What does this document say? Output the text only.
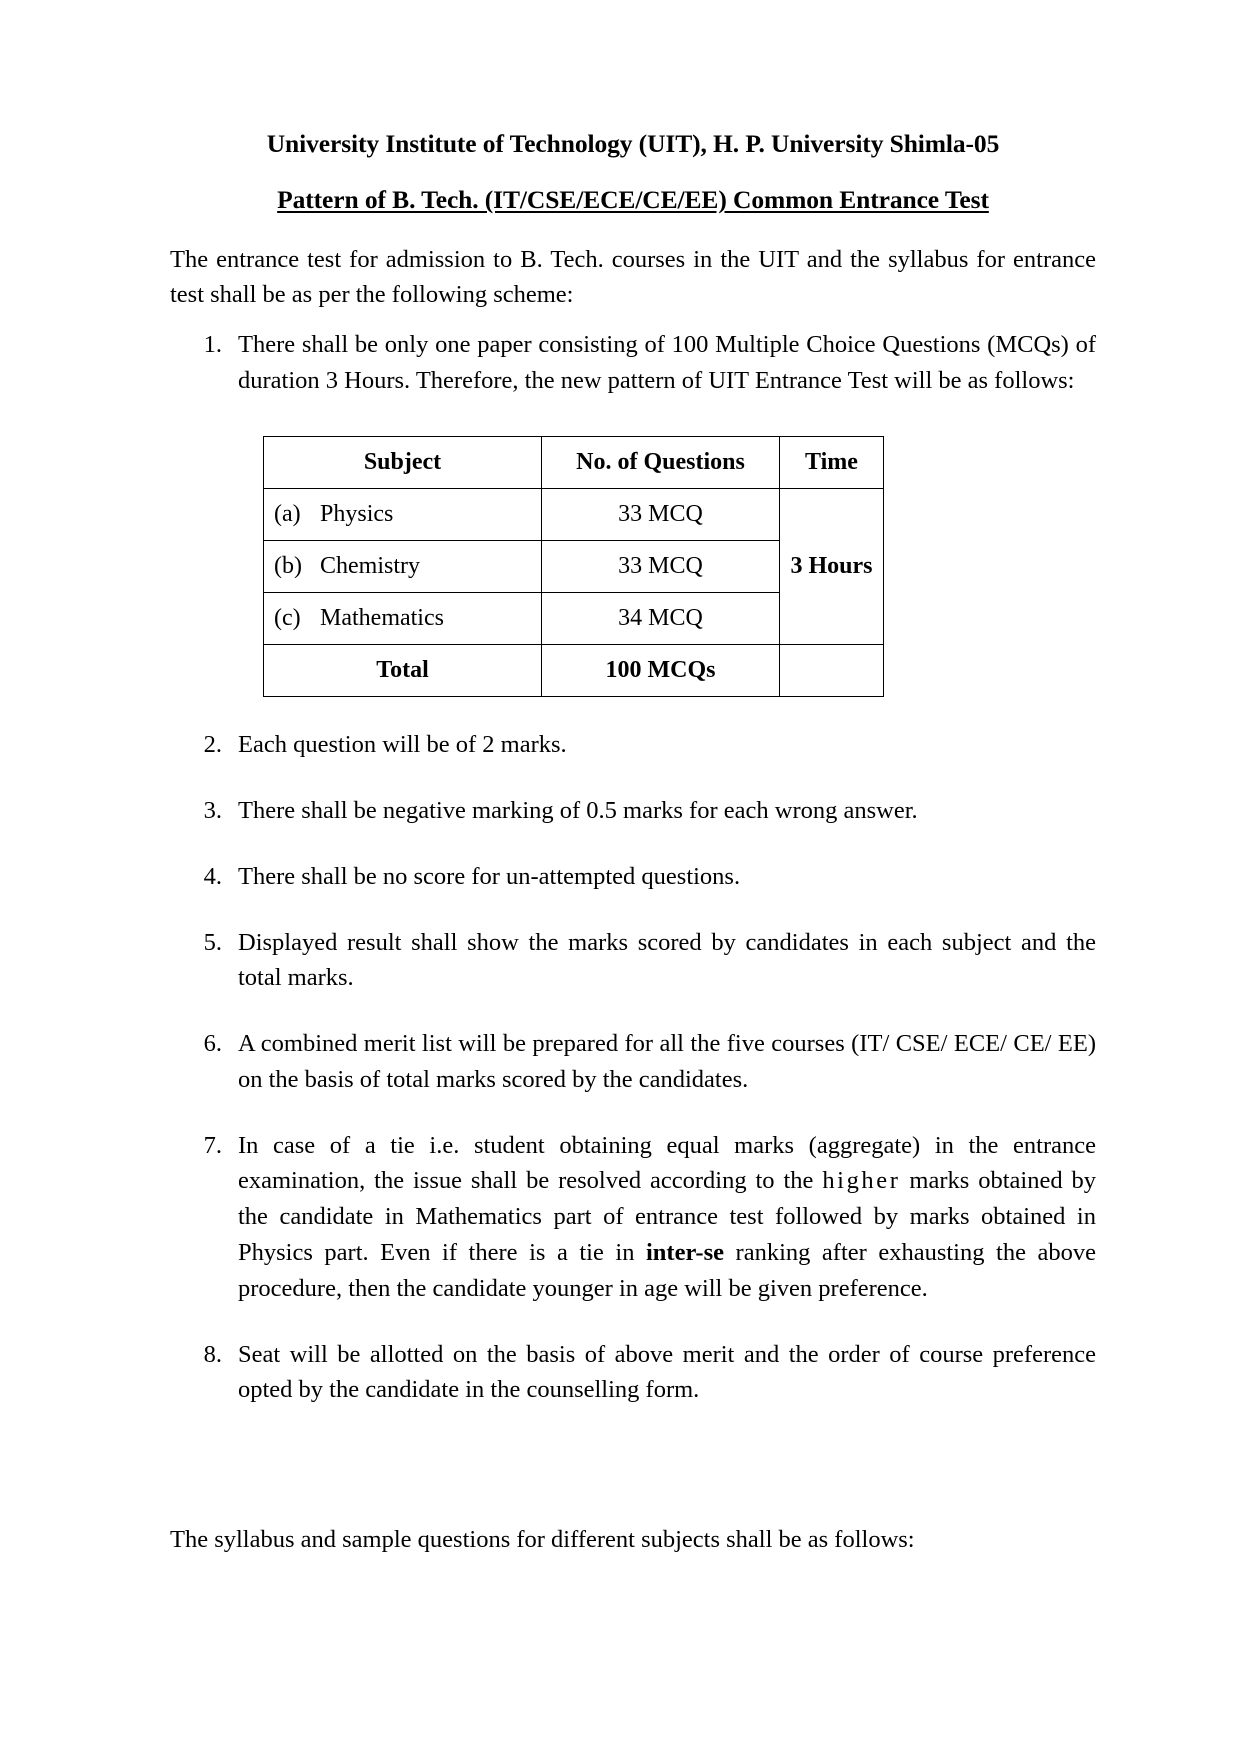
University Institute of Technology (UIT), H. P. University Shimla-05
Pattern of B. Tech. (IT/CSE/ECE/CE/EE) Common Entrance Test

The entrance test for admission to B. Tech. courses in the UIT and the syllabus for entrance test shall be as per the following scheme:

1. There shall be only one paper consisting of 100 Multiple Choice Questions (MCQs) of duration 3 Hours. Therefore, the new pattern of UIT Entrance Test will be as follows:
Subject	No. of Questions	Time
(a) Physics	33 MCQ	3 Hours
(b) Chemistry	33 MCQ	
(c) Mathematics	34 MCQ	
Total	100 MCQs	
2. Each question will be of 2 marks.
3. There shall be negative marking of 0.5 marks for each wrong answer.
4. There shall be no score for un-attempted questions.
5. Displayed result shall show the marks scored by candidates in each subject and the total marks.
6. A combined merit list will be prepared for all the five courses (IT/ CSE/ ECE/ CE/ EE) on the basis of total marks scored by the candidates.
7. In case of a tie i.e. student obtaining equal marks (aggregate) in the entrance examination, the issue shall be resolved according to the higher marks obtained by the candidate in Mathematics part of entrance test followed by marks obtained in Physics part. Even if there is a tie in inter-se ranking after exhausting the above procedure, then the candidate younger in age will be given preference.
8. Seat will be allotted on the basis of above merit and the order of course preference opted by the candidate in the counselling form.

The syllabus and sample questions for different subjects shall be as follows:
